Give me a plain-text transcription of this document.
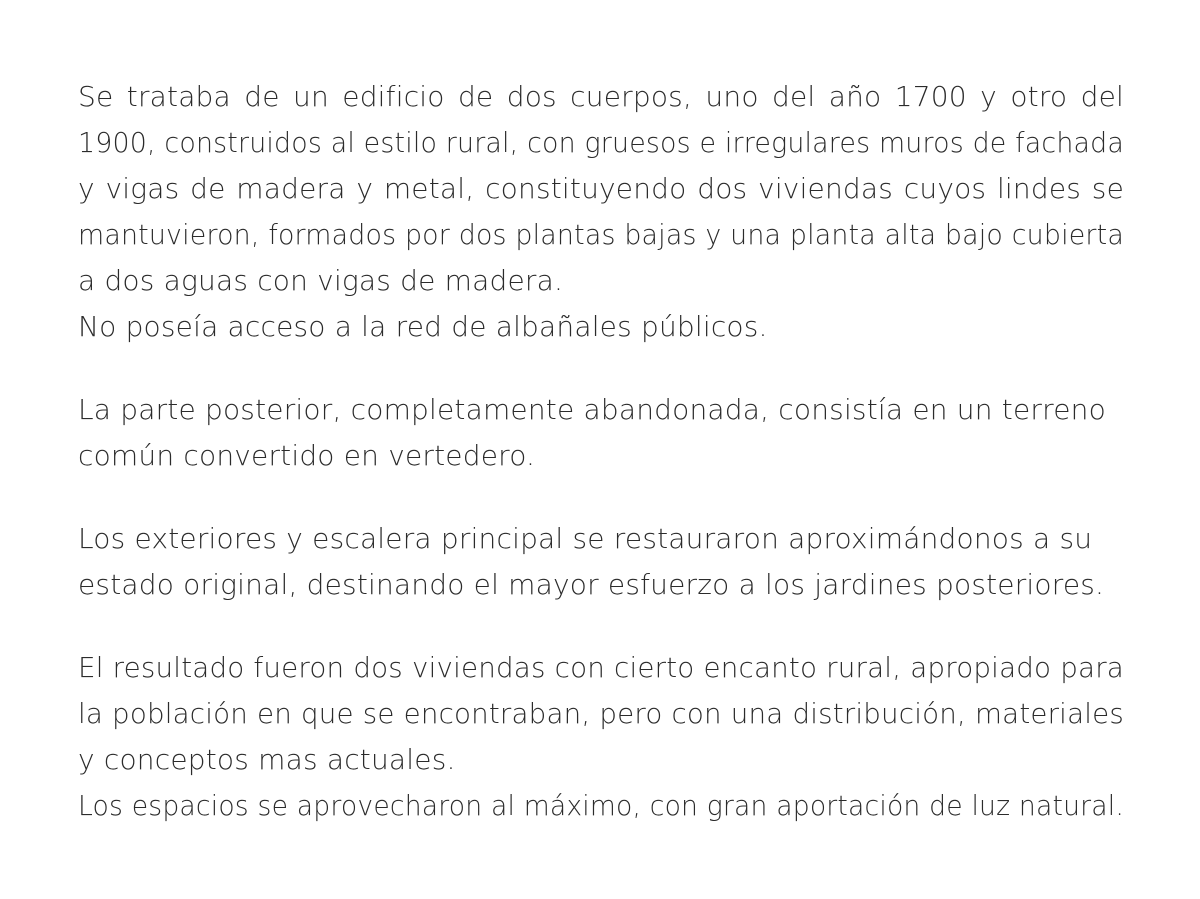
Se trataba de un edificio de dos cuerpos, uno del año 1700 y otro del
1900, construidos al estilo rural, con gruesos e irregulares muros de fachada
y vigas de madera y metal, constituyendo dos viviendas cuyos lindes se
mantuvieron, formados por dos plantas bajas y una planta alta bajo cubierta
a dos aguas con vigas de madera.
No poseía acceso a la red de albañales públicos.
La parte posterior, completamente abandonada, consistía en un terreno
común convertido en vertedero.
Los exteriores y escalera principal se restauraron aproximándonos a su
estado original, destinando el mayor esfuerzo a los jardines posteriores.
El resultado fueron dos viviendas con cierto encanto rural, apropiado para
la población en que se encontraban, pero con una distribución, materiales
y conceptos mas actuales.
Los espacios se aprovecharon al máximo, con gran aportación de luz natural.
